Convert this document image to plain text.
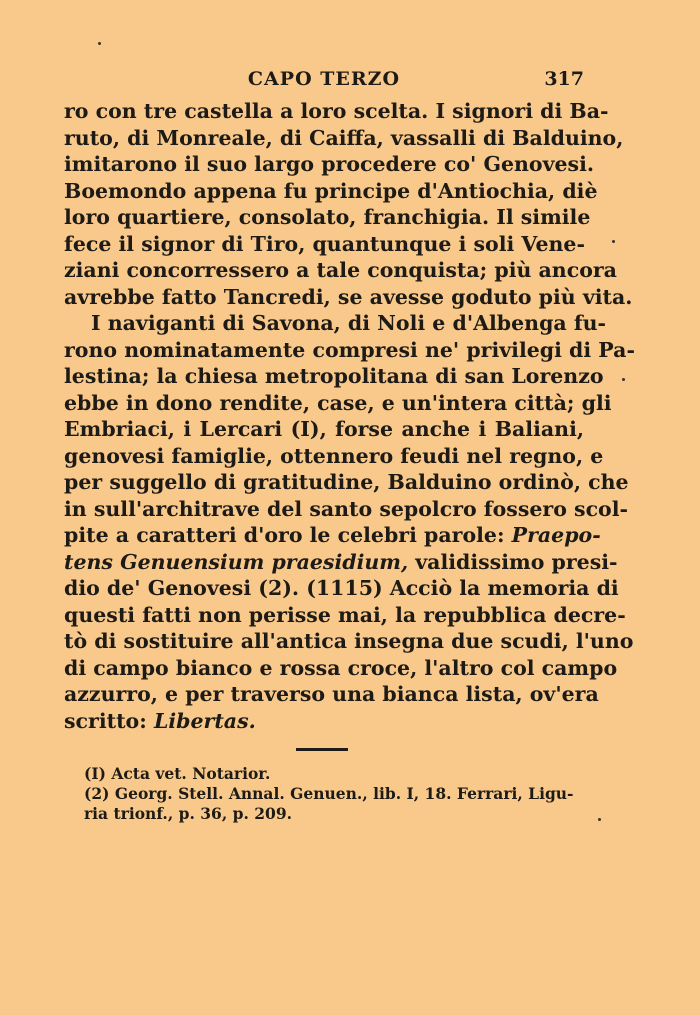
CAPO TERZO	317
ro con tre castella a loro scelta. I signori di Ba-
ruto, di Monreale, di Caiffa, vassalli di Balduino,
imitarono il suo largo procedere co' Genovesi.
Boemondo appena fu principe d'Antiochia, diè
loro quartiere, consolato, franchigia. Il simile
fece il signor di Tiro, quantunque i soli Vene-
ziani concorressero a tale conquista; più ancora
avrebbe fatto Tancredi, se avesse goduto più vita.
I naviganti di Savona, di Noli e d'Albenga fu-
rono nominatamente compresi ne' privilegi di Pa-
lestina; la chiesa metropolitana di san Lorenzo
ebbe in dono rendite, case, e un'intera città; gli
Embriaci, i Lercari (I), forse anche i Baliani,
genovesi famiglie, ottennero feudi nel regno, e
per suggello di gratitudine, Balduino ordinò, che
in sull'architrave del santo sepolcro fossero scol-
pite a caratteri d'oro le celebri parole: Praepo-
tens Genuensium praesidium, validissimo presi-
dio de' Genovesi (2). (1115) Acciò la memoria di
questi fatti non perisse mai, la repubblica decre-
tò di sostituire all'antica insegna due scudi, l'uno
di campo bianco e rossa croce, l'altro col campo
azzurro, e per traverso una bianca lista, ov'era
scritto: Libertas.
(I) Acta vet. Notarior.
(2) Georg. Stell. Annal. Genuen., lib. I, 18. Ferrari, Ligu-
ria trionf., p. 36, p. 209.
